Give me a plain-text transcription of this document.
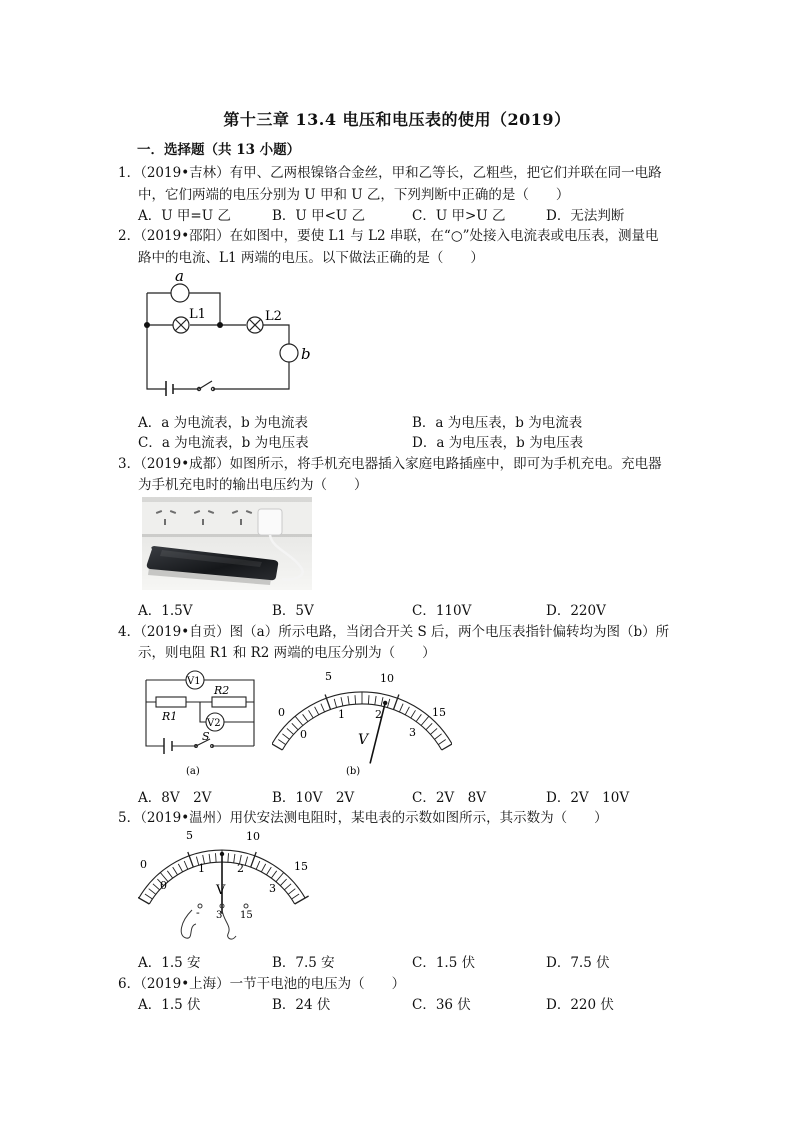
第十三章 13.4 电压和电压表的使用（2019）
一．选择题（共 13 小题）
1．（2019•吉林）有甲、乙两根镍铬合金丝，甲和乙等长，乙粗些，把它们并联在同一电路
中，它们两端的电压分别为 U 甲和 U 乙，下列判断中正确的是（　　）
A．U 甲=U 乙	B．U 甲<U 乙	C．U 甲>U 乙	D．无法判断
2．（2019•邵阳）在如图中，要使 L1 与 L2 串联，在“○”处接入电流表或电压表，测量电
路中的电流、L1 两端的电压。以下做法正确的是（　　）
a
L1	L2
b
A．a 为电流表，b 为电流表	B．a 为电压表，b 为电流表
C．a 为电流表，b 为电压表	D．a 为电压表，b 为电压表
3．（2019•成都）如图所示，将手机充电器插入家庭电路插座中，即可为手机充电。充电器
为手机充电时的输出电压约为（　　）
A．1.5V	B．5V	C．110V	D．220V
4．（2019•自贡）图（a）所示电路，当闭合开关 S 后，两个电压表指针偏转均为图（b）所
示，则电阻 R1 和 R2 两端的电压分别为（　　）
V1
R2
R1
V2
S
(a)
0
5	10
15
0
1	2
3
V
(b)
A．8V　2V	B．10V　2V	C．2V　8V	D．2V　10V
5．（2019•温州）用伏安法测电阻时，某电表的示数如图所示，其示数为（　　）
0
5	10
15
0
1	2
3
V
- 3 15
A．1.5 安	B．7.5 安	C．1.5 伏	D．7.5 伏
6．（2019•上海）一节干电池的电压为（　　）
A．1.5 伏	B．24 伏	C．36 伏	D．220 伏
